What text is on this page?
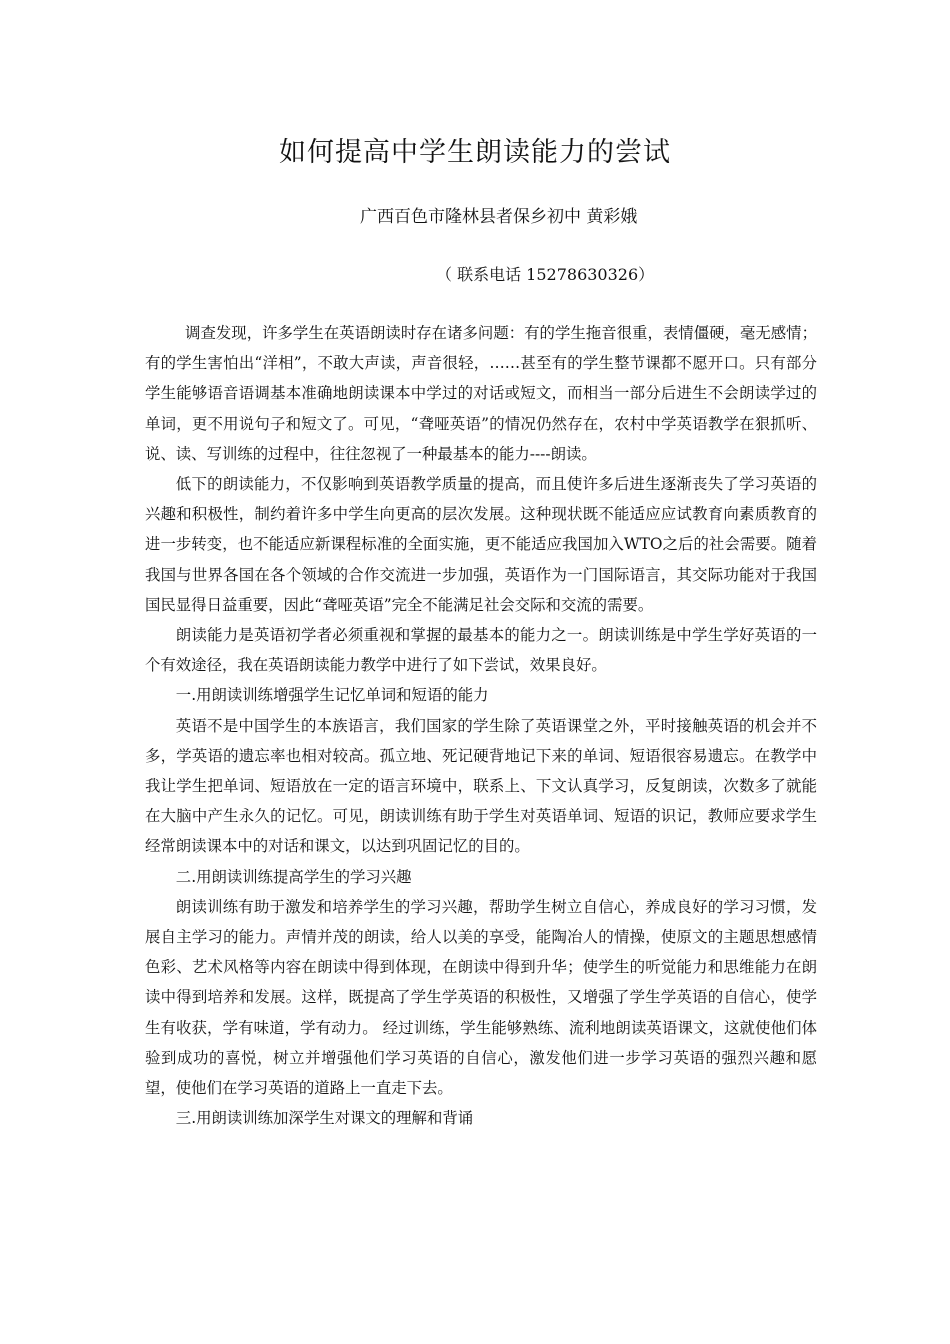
如何提高中学生朗读能力的尝试
广西百色市隆林县者保乡初中 黄彩娥
（ 联系电话 15278630326）

调查发现，许多学生在英语朗读时存在诸多问题：有的学生拖音很重，表情僵硬，毫无感情；有的学生害怕出“洋相”，不敢大声读，声音很轻，……甚至有的学生整节课都不愿开口。只有部分学生能够语音语调基本准确地朗读课本中学过的对话或短文，而相当一部分后进生不会朗读学过的单词，更不用说句子和短文了。可见，“聋哑英语”的情况仍然存在，农村中学英语教学在狠抓听、说、读、写训练的过程中，往往忽视了一种最基本的能力----朗读。

低下的朗读能力，不仅影响到英语教学质量的提高，而且使许多后进生逐渐丧失了学习英语的兴趣和积极性，制约着许多中学生向更高的层次发展。这种现状既不能适应应试教育向素质教育的进一步转变，也不能适应新课程标准的全面实施，更不能适应我国加入WTO之后的社会需要。随着我国与世界各国在各个领域的合作交流进一步加强，英语作为一门国际语言，其交际功能对于我国国民显得日益重要，因此“聋哑英语”完全不能满足社会交际和交流的需要。

朗读能力是英语初学者必须重视和掌握的最基本的能力之一。朗读训练是中学生学好英语的一个有效途径，我在英语朗读能力教学中进行了如下尝试，效果良好。

一.用朗读训练增强学生记忆单词和短语的能力

英语不是中国学生的本族语言，我们国家的学生除了英语课堂之外，平时接触英语的机会并不多，学英语的遗忘率也相对较高。孤立地、死记硬背地记下来的单词、短语很容易遗忘。在教学中我让学生把单词、短语放在一定的语言环境中，联系上、下文认真学习，反复朗读，次数多了就能在大脑中产生永久的记忆。可见，朗读训练有助于学生对英语单词、短语的识记，教师应要求学生经常朗读课本中的对话和课文，以达到巩固记忆的目的。

二.用朗读训练提高学生的学习兴趣

朗读训练有助于激发和培养学生的学习兴趣，帮助学生树立自信心，养成良好的学习习惯，发展自主学习的能力。声情并茂的朗读，给人以美的享受，能陶冶人的情操，使原文的主题思想感情色彩、艺术风格等内容在朗读中得到体现，在朗读中得到升华；使学生的听觉能力和思维能力在朗读中得到培养和发展。这样，既提高了学生学英语的积极性，又增强了学生学英语的自信心，使学生有收获，学有味道，学有动力。 经过训练，学生能够熟练、流利地朗读英语课文，这就使他们体验到成功的喜悦，树立并增强他们学习英语的自信心，激发他们进一步学习英语的强烈兴趣和愿望，使他们在学习英语的道路上一直走下去。

三.用朗读训练加深学生对课文的理解和背诵
